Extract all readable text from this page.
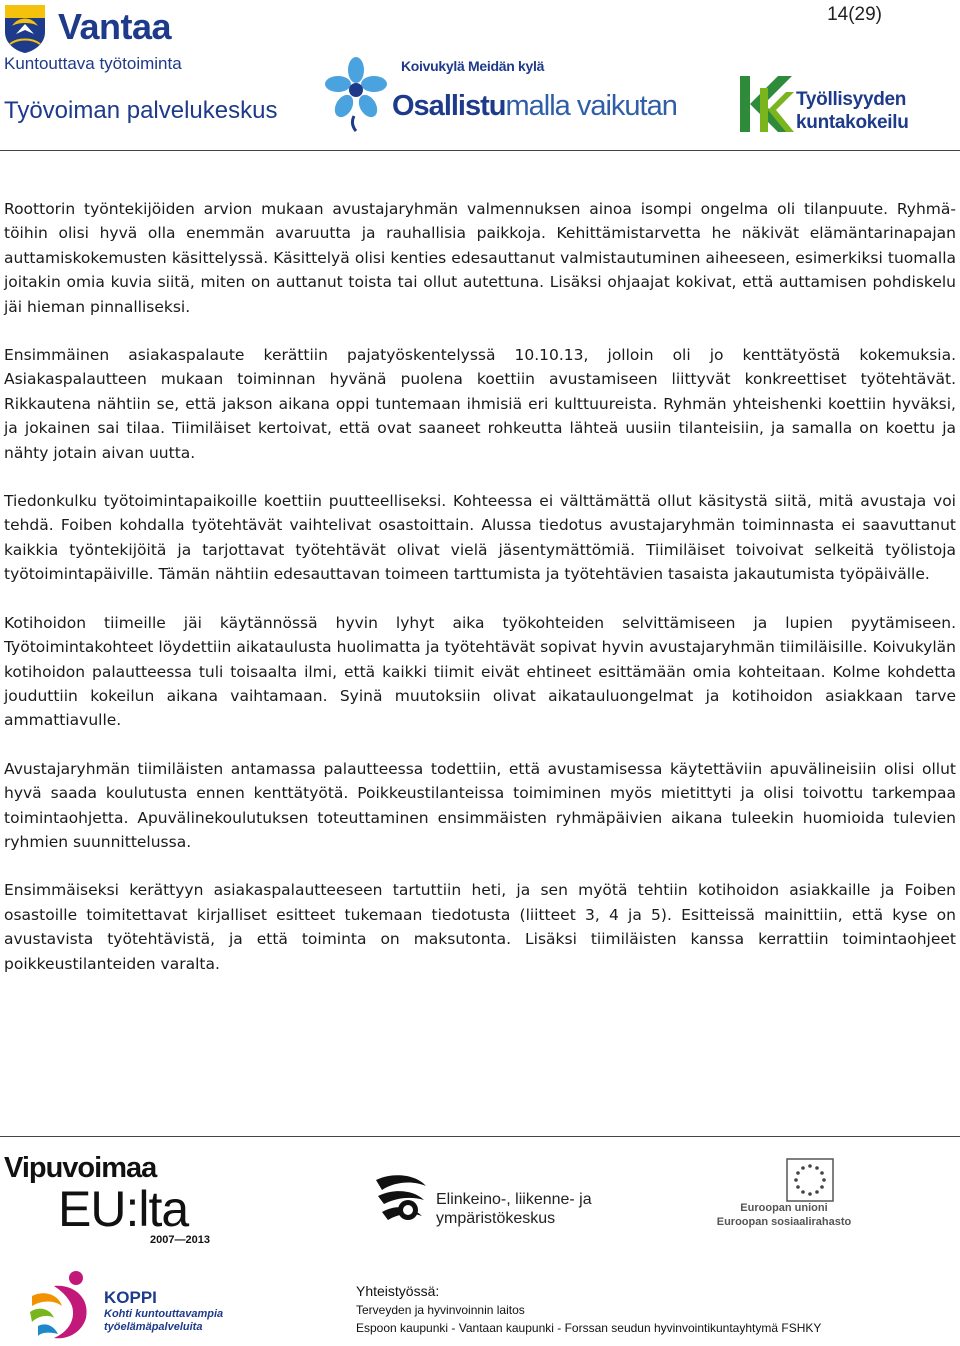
14(29)
Vantaa
Kuntouttava työtoiminta
Työvoiman palvelukeskus
Koivukylä Meidän kylä
Osallistumalla vaikutan	Työllisyyden
kuntakokeilu

Roottorin työntekijöiden arvion mukaan avustajaryhmän valmennuksen ainoa isompi ongelma oli tilanpuute. Ryhmä-töihin olisi hyvä olla enemmän avaruutta ja rauhallisia paikkoja. Kehittämistarvetta he näkivät elämäntarinapajan auttamiskokemusten käsittelyssä. Käsittelyä olisi kenties edesauttanut valmistautuminen aiheeseen, esimerkiksi tuomalla joitakin omia kuvia siitä, miten on auttanut toista tai ollut autettuna. Lisäksi ohjaajat kokivat, että auttamisen pohdiskelu jäi hieman pinnalliseksi.

Ensimmäinen asiakaspalaute kerättiin pajatyöskentelyssä 10.10.13, jolloin oli jo kenttätyöstä kokemuksia. Asiakaspalautteen mukaan toiminnan hyvänä puolena koettiin avustamiseen liittyvät konkreettiset työtehtävät. Rikkautena nähtiin se, että jakson aikana oppi tuntemaan ihmisiä eri kulttuureista. Ryhmän yhteishenki koettiin hyväksi, ja jokainen sai tilaa. Tiimiläiset kertoivat, että ovat saaneet rohkeutta lähteä uusiin tilanteisiin, ja samalla on koettu ja nähty jotain aivan uutta.

Tiedonkulku työtoimintapaikoille koettiin puutteelliseksi. Kohteessa ei välttämättä ollut käsitystä siitä, mitä avustaja voi tehdä. Foiben kohdalla työtehtävät vaihtelivat osastoittain. Alussa tiedotus avustajaryhmän toiminnasta ei saavuttanut kaikkia työntekijöitä ja tarjottavat työtehtävät olivat vielä jäsentymättömiä. Tiimiläiset toivoivat selkeitä työlistoja työtoimintapäiville. Tämän nähtiin edesauttavan toimeen tarttumista ja työtehtävien tasaista jakautumista työpäivälle.

Kotihoidon tiimeille jäi käytännössä hyvin lyhyt aika työkohteiden selvittämiseen ja lupien pyytämiseen. Työtoimintakohteet löydettiin aikataulusta huolimatta ja työtehtävät sopivat hyvin avustajaryhmän tiimiläisille. Koivukylän kotihoidon palautteessa tuli toisaalta ilmi, että kaikki tiimit eivät ehtineet esittämään omia kohteitaan. Kolme kohdetta jouduttiin kokeilun aikana vaihtamaan. Syinä muutoksiin olivat aikatauluongelmat ja kotihoidon asiakkaan tarve ammattiavulle.

Avustajaryhmän tiimiläisten antamassa palautteessa todettiin, että avustamisessa käytettäviin apuvälineisiin olisi ollut hyvä saada koulutusta ennen kenttätyötä. Poikkeustilanteissa toimiminen myös mietittyti ja olisi toivottu tarkempaa toimintaohjetta. Apuvälinekoulutuksen toteuttaminen ensimmäisten ryhmäpäivien aikana tuleekin huomioida tulevien ryhmien suunnittelussa.

Ensimmäiseksi kerättyyn asiakaspalautteeseen tartuttiin heti, ja sen myötä tehtiin kotihoidon asiakkaille ja Foiben osastoille toimitettavat kirjalliset esitteet tukemaan tiedotusta (liitteet 3, 4 ja 5). Esitteissä mainittiin, että kyse on avustavista työtehtävistä, ja että toiminta on maksutonta. Lisäksi tiimiläisten kanssa kerrattiin toimintaohjeet poikkeustilanteiden varalta.

Vipuvoimaa
EU:lta
2007—2013
Elinkeino-, liikenne- ja
ympäristökeskus
Euroopan unioni
Euroopan sosiaalirahasto
KOPPI
Kohti kuntouttavampia
työelämäpalveluita
Yhteistyössä:
Terveyden ja hyvinvoinnin laitos
Espoon kaupunki - Vantaan kaupunki - Forssan seudun hyvinvointikuntayhtymä FSHKY
